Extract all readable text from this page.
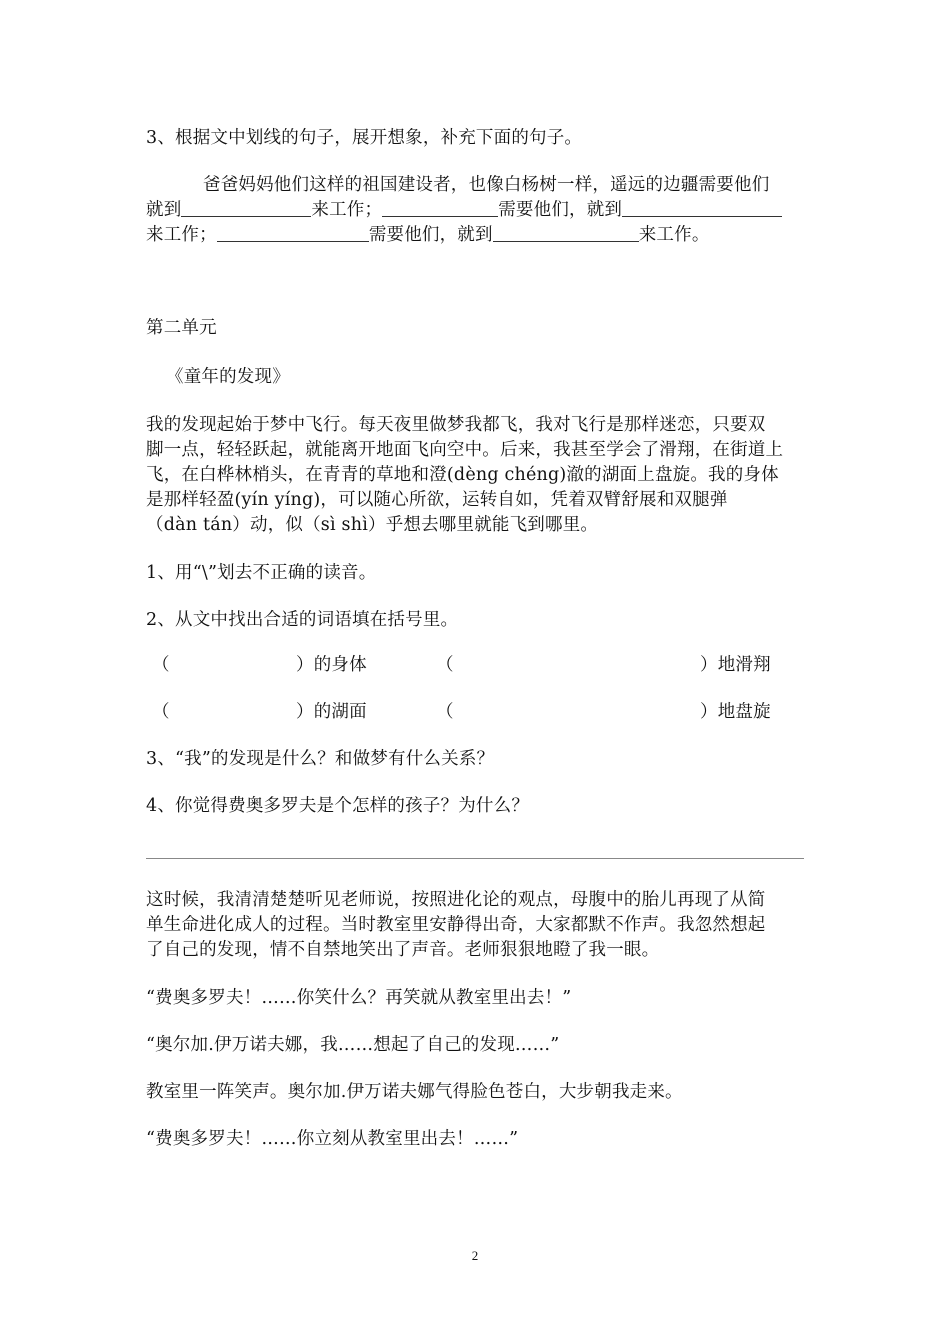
3、根据文中划线的句子，展开想象，补充下面的句子。
爸爸妈妈他们这样的祖国建设者，也像白杨树一样，遥远的边疆需要他们
就到	来工作；	需要他们，就到
来工作；	需要他们，就到	来工作。
第二单元
《童年的发现》
我的发现起始于梦中飞行。每天夜里做梦我都飞，我对飞行是那样迷恋，只要双
脚一点，轻轻跃起，就能离开地面飞向空中。后来，我甚至学会了滑翔，在街道上
飞，在白桦林梢头，在青青的草地和澄(dèng chéng)澈的湖面上盘旋。我的身体
是那样轻盈(yín yíng)，可以随心所欲，运转自如，凭着双臂舒展和双腿弹
（dàn tán）动，似（sì shì）乎想去哪里就能飞到哪里。
1、用“\”划去不正确的读音。
2、从文中找出合适的词语填在括号里。
（	）的身体	（	）地滑翔
（	）的湖面	（	）地盘旋
3、“我”的发现是什么？和做梦有什么关系？
4、你觉得费奥多罗夫是个怎样的孩子？为什么？
这时候，我清清楚楚听见老师说，按照进化论的观点，母腹中的胎儿再现了从简
单生命进化成人的过程。当时教室里安静得出奇，大家都默不作声。我忽然想起
了自己的发现，情不自禁地笑出了声音。老师狠狠地瞪了我一眼。
“费奥多罗夫！……你笑什么？再笑就从教室里出去！”
“奥尔加.伊万诺夫娜，我……想起了自己的发现……”
教室里一阵笑声。奥尔加.伊万诺夫娜气得脸色苍白，大步朝我走来。
“费奥多罗夫！……你立刻从教室里出去！……”
2
